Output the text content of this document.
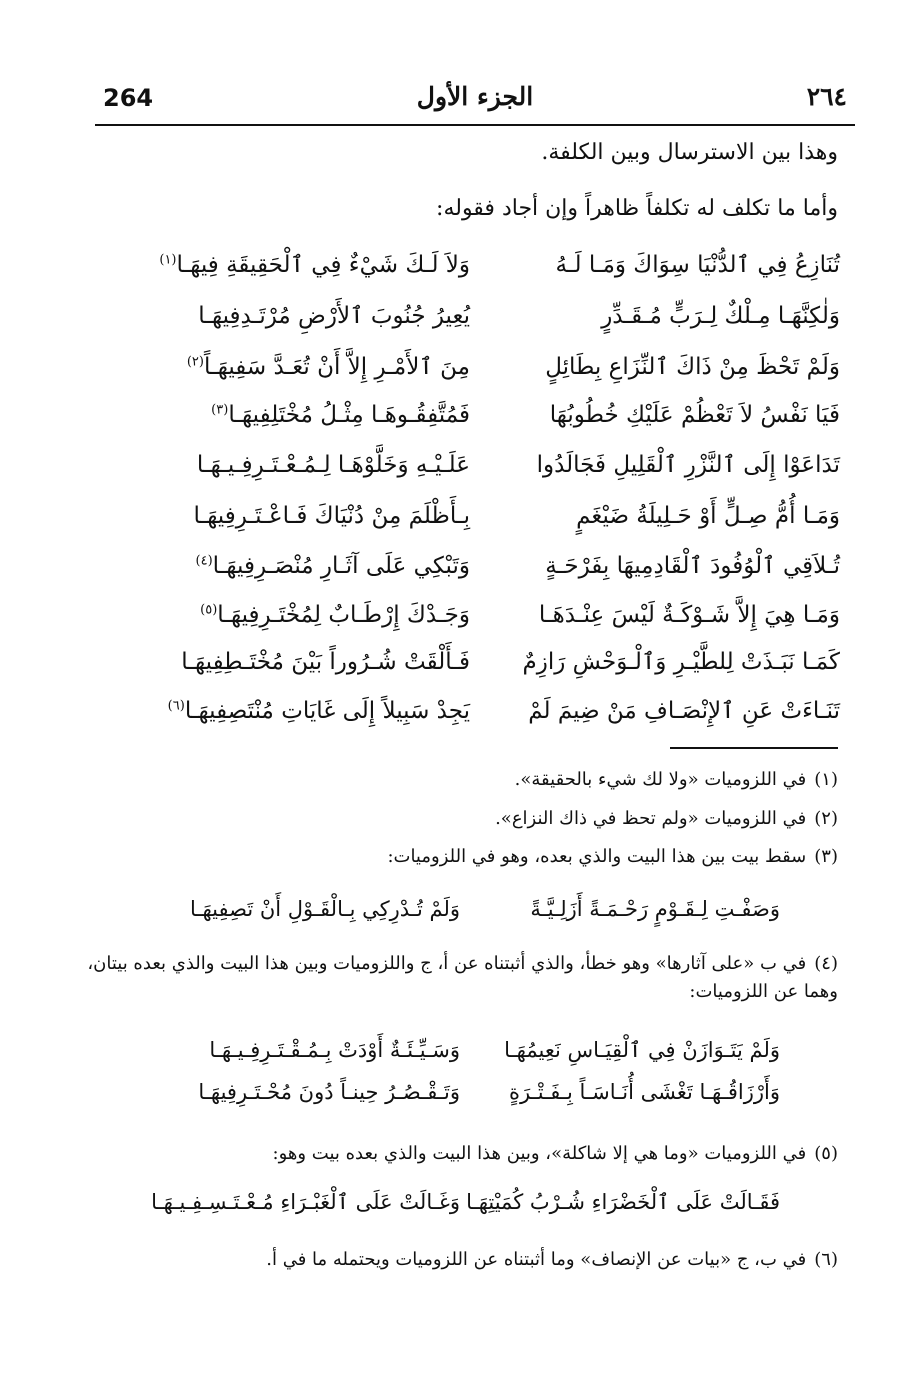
264	الجزء الأول	٢٦٤
وهذا بين الاسترسال وبين الكلفة.
وأما ما تكلف له تكلفاً ظاهراً وإن أجاد فقوله:
تُنَازِعُ فِي ٱلدُّنْيَا سِوَاكَ وَمَـا لَـهُ
وَلاَ لَـكَ شَيْءٌ فِي ٱلْحَقِيقَةِ فِيهَـا$^{(١)}$
وَلٰكِنَّهَـا مِـلْكٌ لِـرَبٍّ مُـقَـدِّرٍ
يُعِيرُ جُنُوبَ ٱلأَرْضِ مُرْتَـدِفِيهَـا
وَلَمْ تَحْظَ مِنْ ذَاكَ ٱلنِّزَاعِ بِطَائِلٍ
مِنَ ٱلأَمْـرِ إِلاَّ أَنْ تُعَـدَّ سَفِيهَـاً$^{(٢)}$
فَيَا نَفْسُ لاَ تَعْظُمْ عَلَيْكِ خُطُوبُهَا
فَمُتَّفِقُـوهَـا مِثْـلُ مُخْتَلِفِيهَـا$^{(٣)}$
تَدَاعَوْا إِلَى ٱلنَّزْرِ ٱلْقَلِيلِ فَجَالَدُوا
عَلَـيْـهِ وَخَلَّوْهَـا لِـمُـعْـتَـرِفِـيـهَـا
وَمَـا أُمُّ صِـلٍّ أَوْ حَـلِيلَةُ ضَيْغَمٍ
بِـأَظْلَمَ مِنْ دُنْيَاكَ فَـاعْـتَـرِفِيهَـا
تُـلاَقِي ٱلْوُفُودَ ٱلْقَادِمِيهَا بِفَرْحَـةٍ
وَتَبْكِي عَلَى آثَـارِ مُنْصَـرِفِيهَـا$^{(٤)}$
وَمَـا هِيَ إِلاَّ شَـوْكَـةٌ لَيْسَ عِنْـدَهَـا
وَجَـدْكَ إِرْطَـابٌ لِمُخْتَـرِفِيهَـا$^{(٥)}$
كَمَـا نَبَـذَتْ لِلطَّيْـرِ وَٱلْـوَحْشِ رَازِمٌ
فَـأَلْقَتْ شُـرُوراً بَيْنَ مُخْتَـطِفِيهَـا
تَنَـاءَتْ عَنِ ٱلإِنْصَـافِ مَنْ ضِيمَ لَمْ
يَجِدْ سَبِيلاً إِلَى غَايَاتِ مُنْتَصِفِيهَـا$^{(٦)}$
(١)في اللزوميات «ولا لك شيء بالحقيقة».
(٢)في اللزوميات «ولم تحظ في ذاك النزاع».
(٣)سقط بيت بين هذا البيت والذي بعده، وهو في اللزوميات:
وَصَفْـتِ لِـقَـوْمٍ رَحْـمَـةً أَزَلِـيَّـةً
وَلَمْ تُـدْرِكِي بِـالْقَـوْلِ أَنْ تَصِفِيهَـا
(٤)في ب «على آثارها» وهو خطأ، والذي أثبتناه عن أ، ج واللزوميات وبين هذا البيت والذي بعده بيتان، وهما عن اللزوميات:
وَلَمْ يَتَـوَازَنْ فِي ٱلْقِيَـاسِ نَعِيمُهَـا
وَسَـيِّـئَـةٌ أَوْدَتْ بِـمُـقْـتَـرِفِـيـهَـا
وَأَرْزَاقُـهَـا تَغْشَى أُنَـاسَـاً بِـفَـتْـرَةٍ
وَتَـقْـصُـرُ حِينـاً دُونَ مُحْـتَـرِفِيهَـا
(٥)في اللزوميات «وما هي إلا شاكلة»، وبين هذا البيت والذي بعده بيت وهو:
فَقَـالَتْ عَلَى ٱلْخَضْرَاءِ شُـرْبُ كُمَيْتِهَـا
وَغَـالَتْ عَلَى ٱلْغَبْـرَاءِ مُـعْـتَـسِـفِـيـهَـا
(٦)في ب، ج «بيات عن الإنصاف» وما أثبتناه عن اللزوميات ويحتمله ما في أ.
